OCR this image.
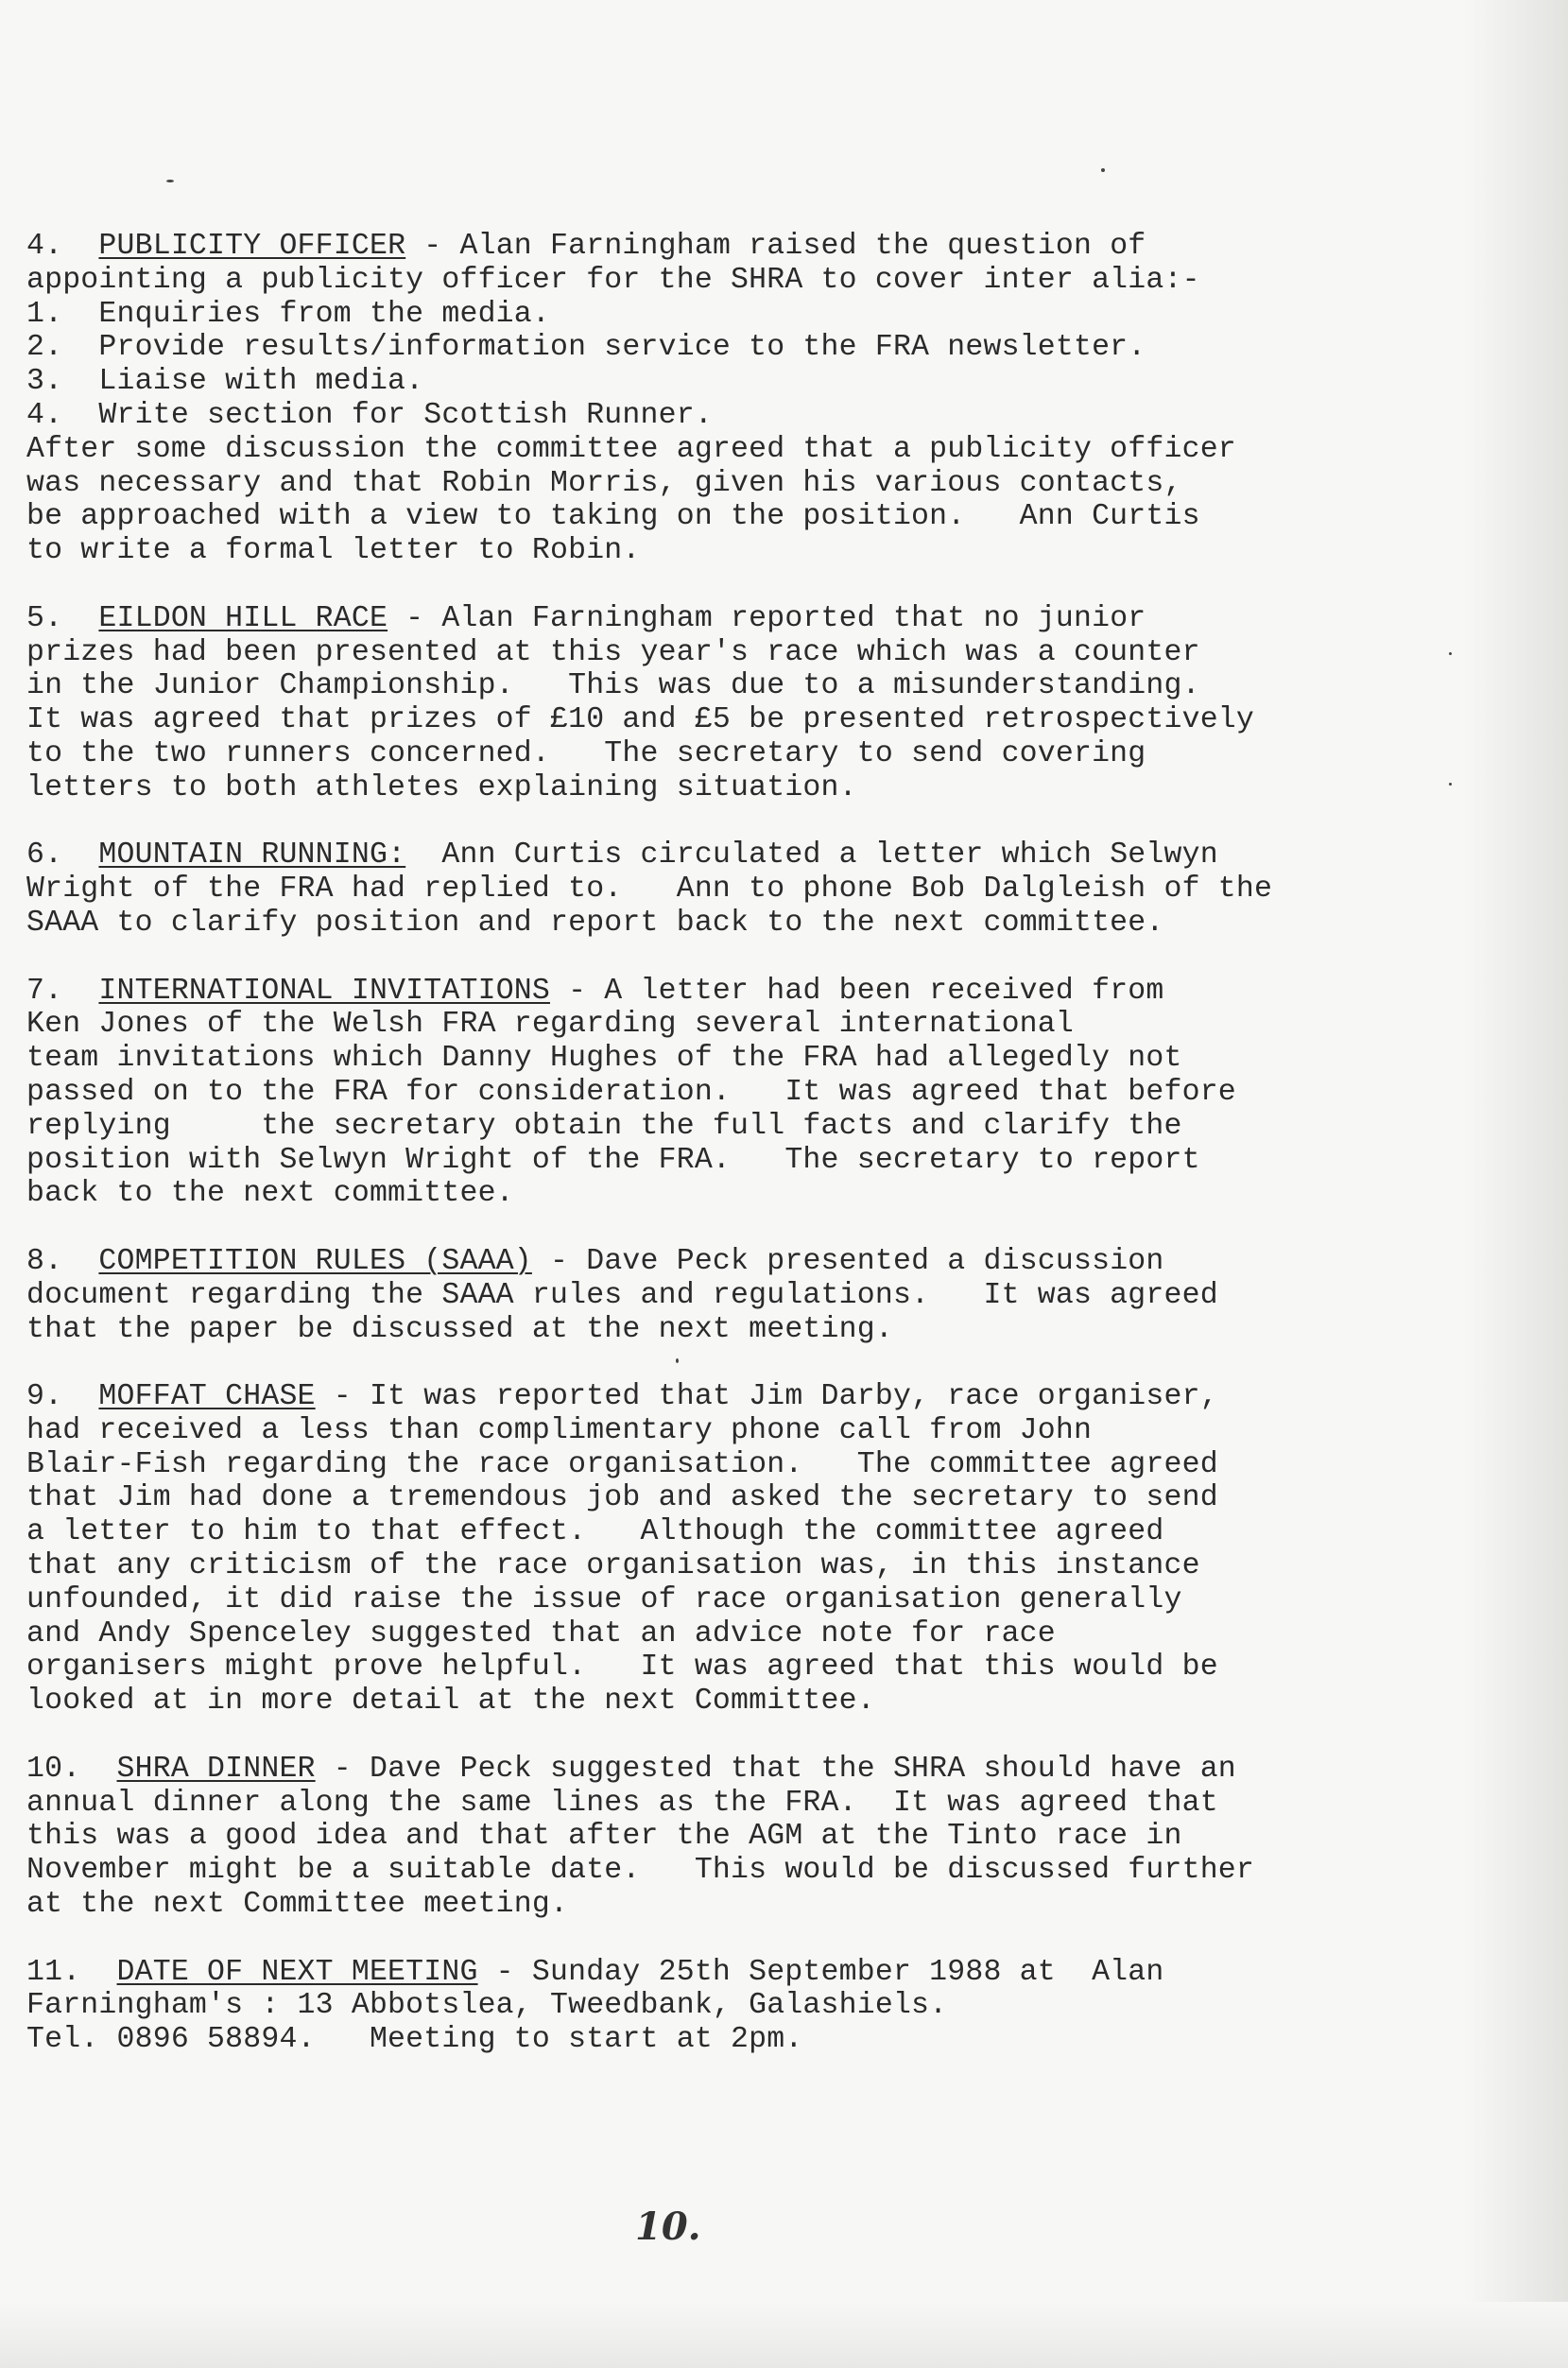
4.  PUBLICITY OFFICER - Alan Farningham raised the question of
appointing a publicity officer for the SHRA to cover inter alia:-
1.  Enquiries from the media.
2.  Provide results/information service to the FRA newsletter.
3.  Liaise with media.
4.  Write section for Scottish Runner.
After some discussion the committee agreed that a publicity officer
was necessary and that Robin Morris, given his various contacts,
be approached with a view to taking on the position.   Ann Curtis
to write a formal letter to Robin.
5.  EILDON HILL RACE - Alan Farningham reported that no junior
prizes had been presented at this year's race which was a counter
in the Junior Championship.   This was due to a misunderstanding.
It was agreed that prizes of £10 and £5 be presented retrospectively
to the two runners concerned.   The secretary to send covering
letters to both athletes explaining situation.
6.  MOUNTAIN RUNNING:  Ann Curtis circulated a letter which Selwyn
Wright of the FRA had replied to.   Ann to phone Bob Dalgleish of the
SAAA to clarify position and report back to the next committee.
7.  INTERNATIONAL INVITATIONS - A letter had been received from
Ken Jones of the Welsh FRA regarding several international
team invitations which Danny Hughes of the FRA had allegedly not
passed on to the FRA for consideration.   It was agreed that before
replying     the secretary obtain the full facts and clarify the
position with Selwyn Wright of the FRA.   The secretary to report
back to the next committee.
8.  COMPETITION RULES (SAAA) - Dave Peck presented a discussion
document regarding the SAAA rules and regulations.   It was agreed
that the paper be discussed at the next meeting.
9.  MOFFAT CHASE - It was reported that Jim Darby, race organiser,
had received a less than complimentary phone call from John
Blair-Fish regarding the race organisation.   The committee agreed
that Jim had done a tremendous job and asked the secretary to send
a letter to him to that effect.   Although the committee agreed
that any criticism of the race organisation was, in this instance
unfounded, it did raise the issue of race organisation generally
and Andy Spenceley suggested that an advice note for race
organisers might prove helpful.   It was agreed that this would be
looked at in more detail at the next Committee.
10.  SHRA DINNER - Dave Peck suggested that the SHRA should have an
annual dinner along the same lines as the FRA.  It was agreed that
this was a good idea and that after the AGM at the Tinto race in
November might be a suitable date.   This would be discussed further
at the next Committee meeting.
11.  DATE OF NEXT MEETING - Sunday 25th September 1988 at  Alan
Farningham's : 13 Abbotslea, Tweedbank, Galashiels.
Tel. 0896 58894.   Meeting to start at 2pm.
10.
